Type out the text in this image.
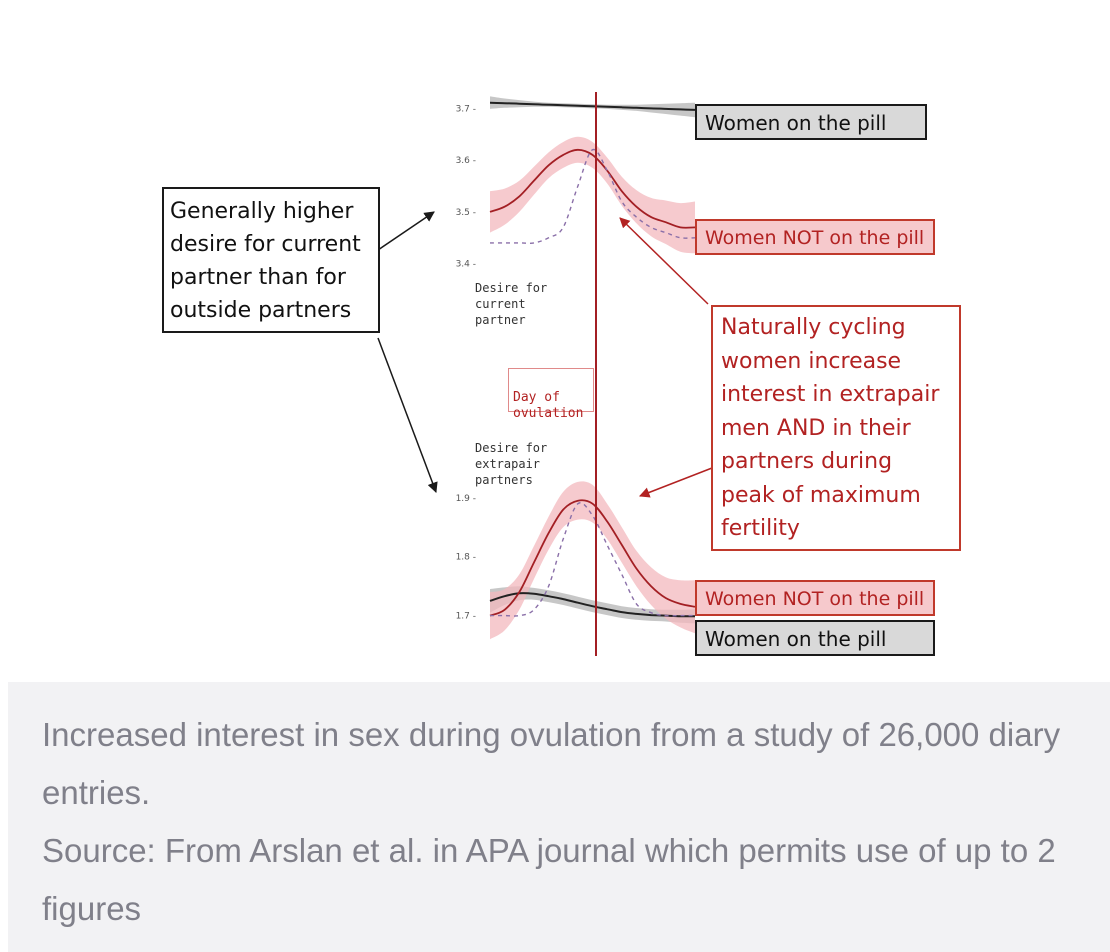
3.4 -
3.5 -
3.6 -
3.7 -
1.7 -
1.8 -
1.9 -
Generally higher desire for current partner than for outside partners
Desire for
current
partner
Desire for
extrapair
partners

Day of
ovulation

Women on the pill
Women NOT on the pill
Naturally cycling women increase interest in extrapair men AND in their partners during peak of maximum fertility
Women NOT on the pill
Women on the pill

Increased interest in sex during ovulation from a study of 26,000 diary entries.

Source: From Arslan et al. in APA journal which permits use of up to 2 figures
